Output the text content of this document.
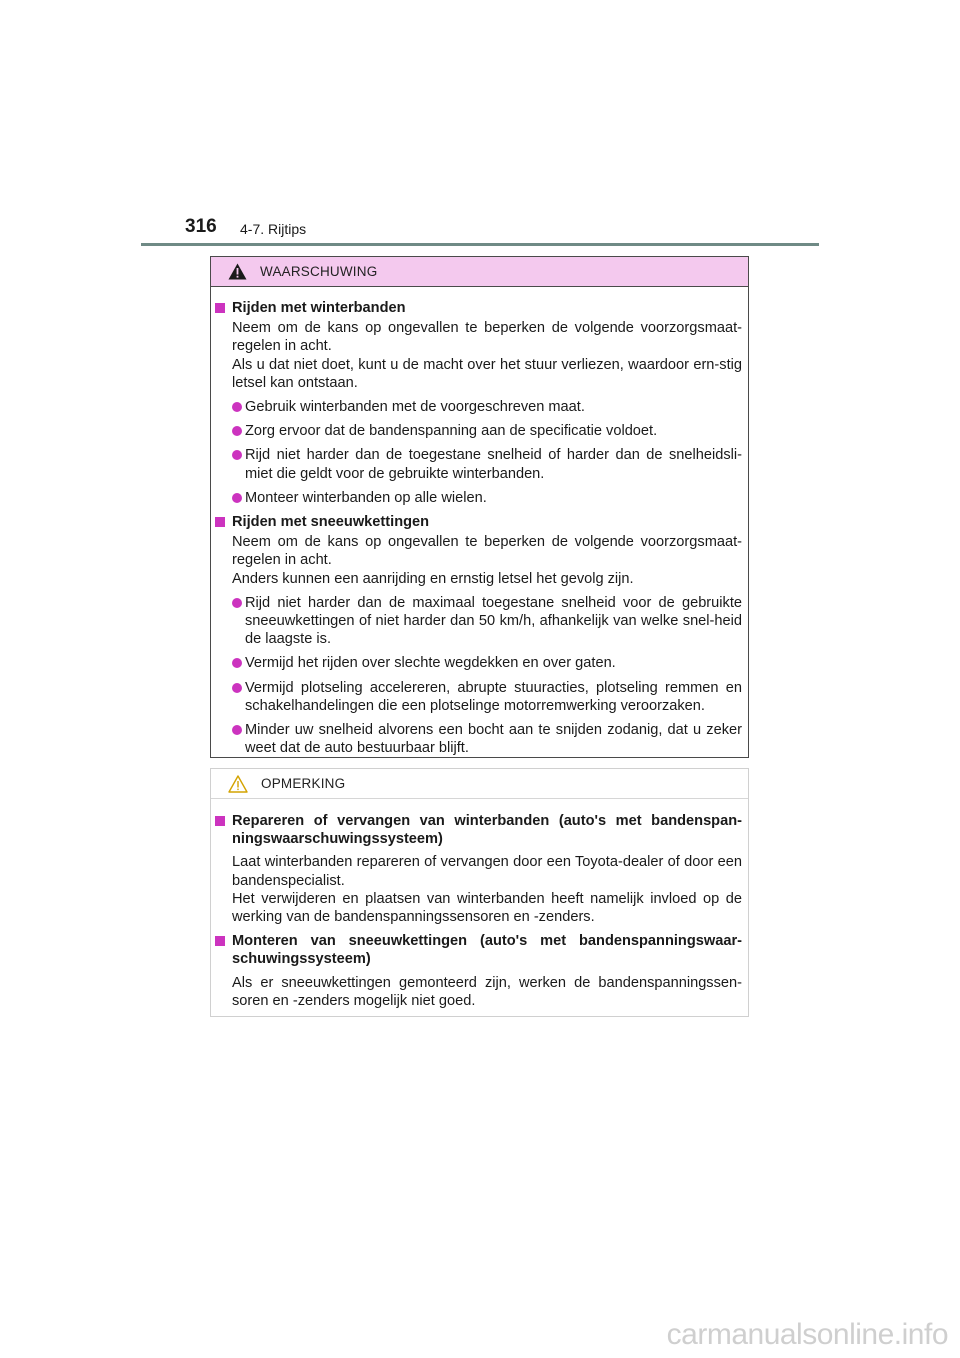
316 4-7. Rijtips
WAARSCHUWING
Rijden met winterbanden
Neem om de kans op ongevallen te beperken de volgende voorzorgsmaat-regelen in acht.
Als u dat niet doet, kunt u de macht over het stuur verliezen, waardoor ern-stig letsel kan ontstaan.
Gebruik winterbanden met de voorgeschreven maat.
Zorg ervoor dat de bandenspanning aan de specificatie voldoet.
Rijd niet harder dan de toegestane snelheid of harder dan de snelheidsli-miet die geldt voor de gebruikte winterbanden.
Monteer winterbanden op alle wielen.
Rijden met sneeuwkettingen
Neem om de kans op ongevallen te beperken de volgende voorzorgsmaat-regelen in acht.
Anders kunnen een aanrijding en ernstig letsel het gevolg zijn.
Rijd niet harder dan de maximaal toegestane snelheid voor de gebruikte sneeuwkettingen of niet harder dan 50 km/h, afhankelijk van welke snel-heid de laagste is.
Vermijd het rijden over slechte wegdekken en over gaten.
Vermijd plotseling accelereren, abrupte stuuracties, plotseling remmen en schakelhandelingen die een plotselinge motorremwerking veroorzaken.
Minder uw snelheid alvorens een bocht aan te snijden zodanig, dat u zeker weet dat de auto bestuurbaar blijft.
OPMERKING
Repareren of vervangen van winterbanden (auto's met bandenspan-ningswaarschuwingssysteem)
Laat winterbanden repareren of vervangen door een Toyota-dealer of door een bandenspecialist.
Het verwijderen en plaatsen van winterbanden heeft namelijk invloed op de werking van de bandenspanningssensoren en -zenders.
Monteren van sneeuwkettingen (auto's met bandenspanningswaar-schuwingssysteem)
Als er sneeuwkettingen gemonteerd zijn, werken de bandenspanningssen-soren en -zenders mogelijk niet goed.
carmanualsonline.info
